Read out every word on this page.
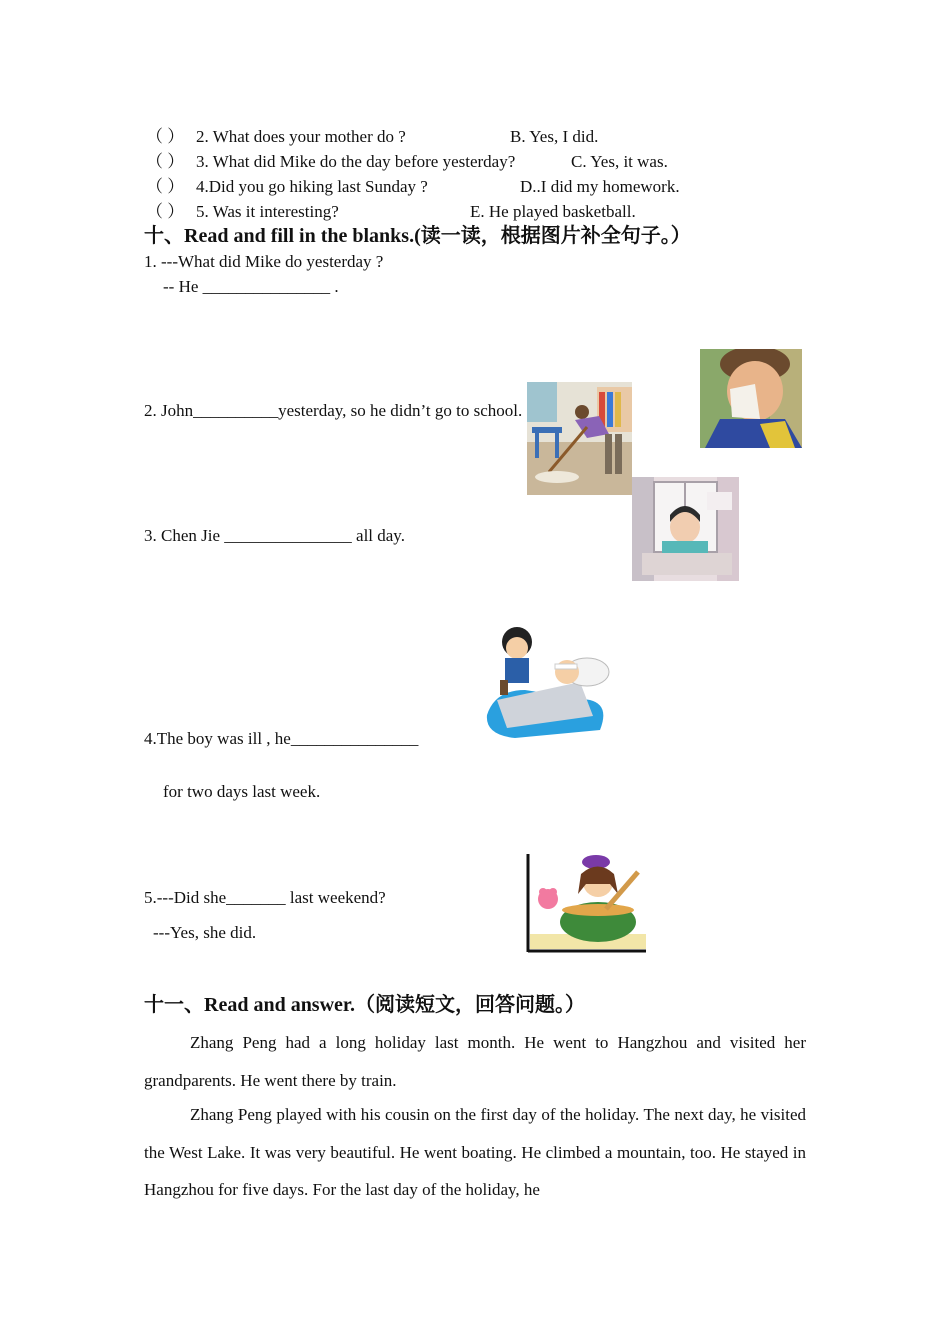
（ ） 2. What does your mother do ?	B. Yes, I did.
（ ） 3. What did Mike do the day before yesterday?	C. Yes, it was.
（ ） 4.Did you go hiking last Sunday ?	D..I did my homework.
（ ） 5. Was it interesting?	E. He played basketball.
十、Read and fill in the blanks.(读一读，根据图片补全句子。）
1. ---What did Mike do yesterday ?
-- He _______________ .
2. John__________yesterday, so he didn’t go to school.
3. Chen Jie _______________ all day.
4.The boy was ill , he_______________
for two days last week.
5.---Did she_______ last weekend?
---Yes, she did.
十一、Read and answer.（阅读短文，回答问题。）

Zhang Peng had a long holiday last month. He went to Hangzhou and visited her grandparents. He went there by train.

Zhang Peng played with his cousin on the first day of the holiday. The next day, he visited the West Lake. It was very beautiful. He went boating. He climbed a mountain, too. He stayed in Hangzhou for five days. For the last day of the holiday, he
